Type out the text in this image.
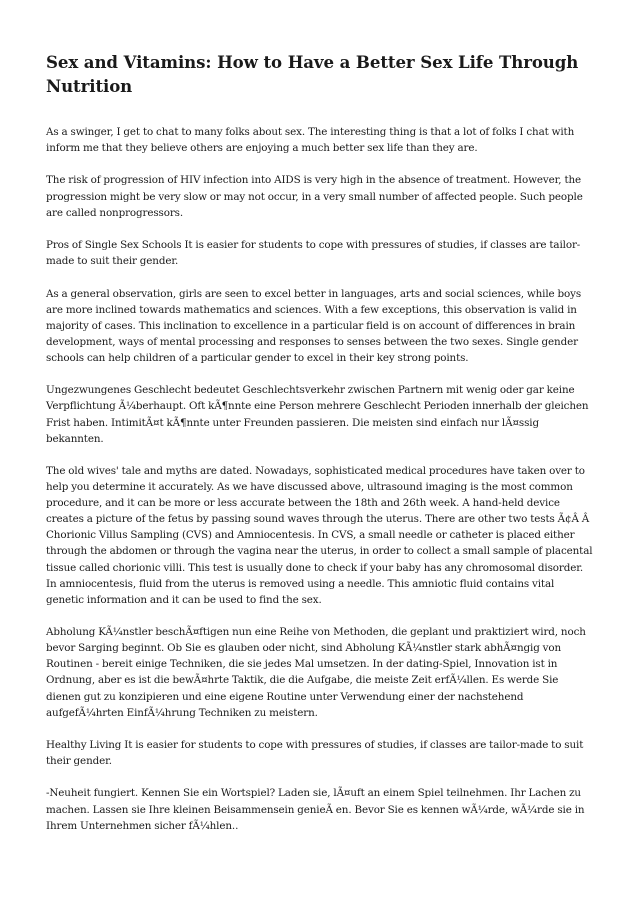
Sex and Vitamins: How to Have a Better Sex Life Through Nutrition

As a swinger, I get to chat to many folks about sex. The interesting thing is that a lot of folks I chat with inform me that they believe others are enjoying a much better sex life than they are.

The risk of progression of HIV infection into AIDS is very high in the absence of treatment. However, the progression might be very slow or may not occur, in a very small number of affected people. Such people are called nonprogressors.

Pros of Single Sex Schools It is easier for students to cope with pressures of studies, if classes are tailor-made to suit their gender.

As a general observation, girls are seen to excel better in languages, arts and social sciences, while boys are more inclined towards mathematics and sciences. With a few exceptions, this observation is valid in majority of cases. This inclination to excellence in a particular field is on account of differences in brain development, ways of mental processing and responses to senses between the two sexes. Single gender schools can help children of a particular gender to excel in their key strong points.

Ungezwungenes Geschlecht bedeutet Geschlechtsverkehr zwischen Partnern mit wenig oder gar keine Verpflichtung Ã¼berhaupt. Oft kÃ¶nnte eine Person mehrere Geschlecht Perioden innerhalb der gleichen Frist haben. IntimitÃ¤t kÃ¶nnte unter Freunden passieren. Die meisten sind einfach nur lÃ¤ssig bekannten.

The old wives' tale and myths are dated. Nowadays, sophisticated medical procedures have taken over to help you determine it accurately. As we have discussed above, ultrasound imaging is the most common procedure, and it can be more or less accurate between the 18th and 26th week. A hand-held device creates a picture of the fetus by passing sound waves through the uterus. There are other two tests Ã¢Â Â Chorionic Villus Sampling (CVS) and Amniocentesis. In CVS, a small needle or catheter is placed either through the abdomen or through the vagina near the uterus, in order to collect a small sample of placental tissue called chorionic villi. This test is usually done to check if your baby has any chromosomal disorder. In amniocentesis, fluid from the uterus is removed using a needle. This amniotic fluid contains vital genetic information and it can be used to find the sex.

Abholung KÃ¼nstler beschÃ¤ftigen nun eine Reihe von Methoden, die geplant und praktiziert wird, noch bevor Sarging beginnt. Ob Sie es glauben oder nicht, sind Abholung KÃ¼nstler stark abhÃ¤ngig von Routinen - bereit einige Techniken, die sie jedes Mal umsetzen. In der dating-Spiel, Innovation ist in Ordnung, aber es ist die bewÃ¤hrte Taktik, die die Aufgabe, die meiste Zeit erfÃ¼llen. Es werde Sie dienen gut zu konzipieren und eine eigene Routine unter Verwendung einer der nachstehend aufgefÃ¼hrten EinfÃ¼hrung Techniken zu meistern.

Healthy Living It is easier for students to cope with pressures of studies, if classes are tailor-made to suit their gender.

-Neuheit fungiert. Kennen Sie ein Wortspiel? Laden sie, lÃ¤uft an einem Spiel teilnehmen. Ihr Lachen zu machen. Lassen sie Ihre kleinen Beisammensein genieÃ en. Bevor Sie es kennen wÃ¼rde, wÃ¼rde sie in Ihrem Unternehmen sicher fÃ¼hlen..
